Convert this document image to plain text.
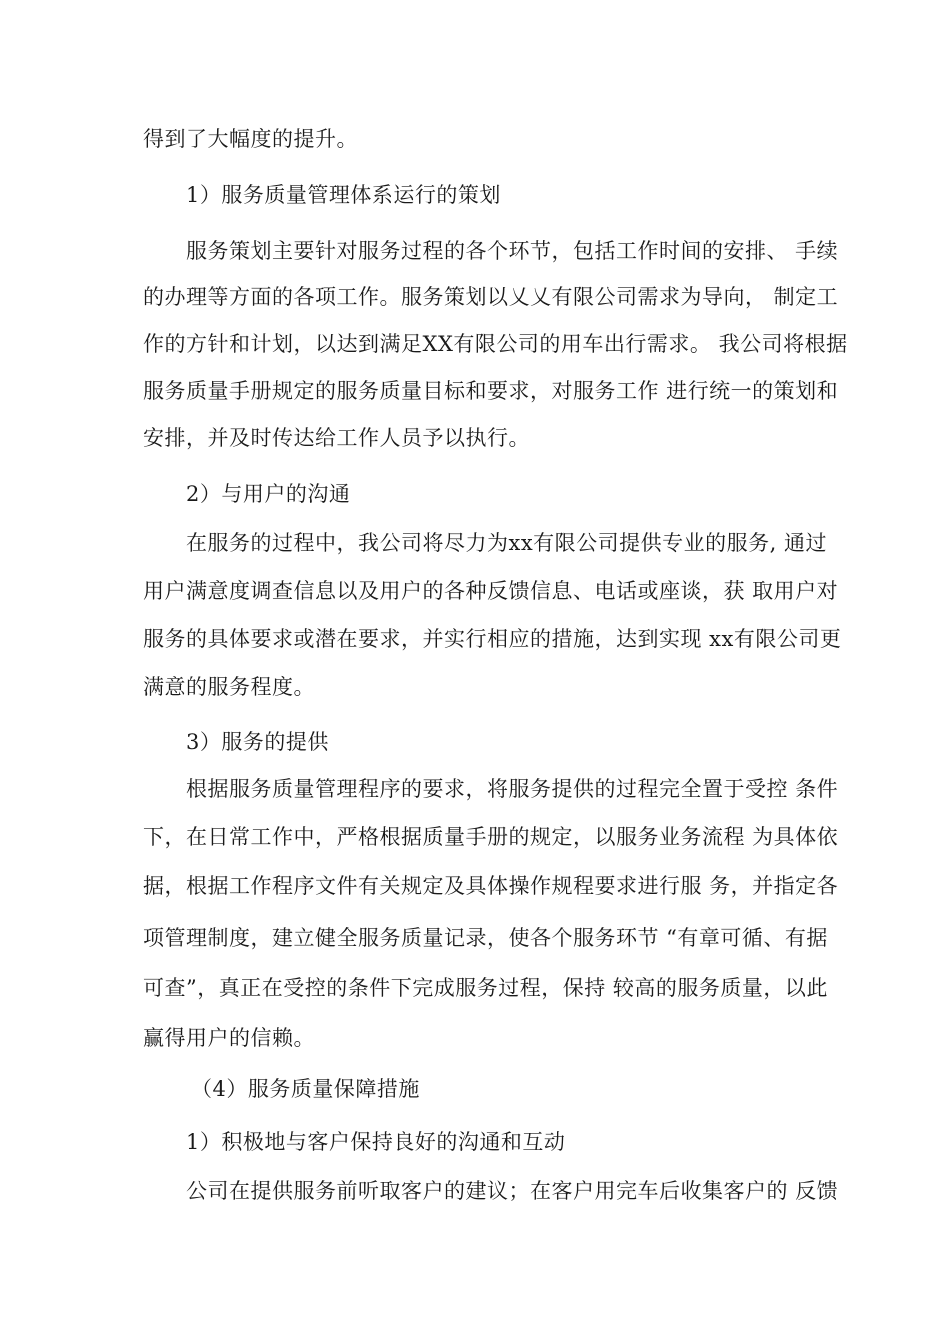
得到了大幅度的提升。
1）服务质量管理体系运行的策划
服务策划主要针对服务过程的各个环节，包括工作时间的安排、 手续
的办理等方面的各项工作。服务策划以乂乂有限公司需求为导向， 制定工
作的方针和计划，以达到满足XX有限公司的用车出行需求。 我公司将根据
服务质量手册规定的服务质量目标和要求，对服务工作 进行统一的策划和
安排，并及时传达给工作人员予以执行。
2）与用户的沟通
在服务的过程中，我公司将尽力为xx有限公司提供专业的服务, 通过
用户满意度调查信息以及用户的各种反馈信息、电话或座谈，获 取用户对
服务的具体要求或潜在要求，并实行相应的措施，达到实现 xx有限公司更
满意的服务程度。
3）服务的提供
根据服务质量管理程序的要求，将服务提供的过程完全置于受控 条件
下，在日常工作中，严格根据质量手册的规定，以服务业务流程 为具体依
据，根据工作程序文件有关规定及具体操作规程要求进行服 务，并指定各
项管理制度，建立健全服务质量记录，使各个服务环节 “有章可循、有据
可查”，真正在受控的条件下完成服务过程，保持 较高的服务质量，以此
赢得用户的信赖。
（4）服务质量保障措施
1）积极地与客户保持良好的沟通和互动
公司在提供服务前听取客户的建议；在客户用完车后收集客户的 反馈
